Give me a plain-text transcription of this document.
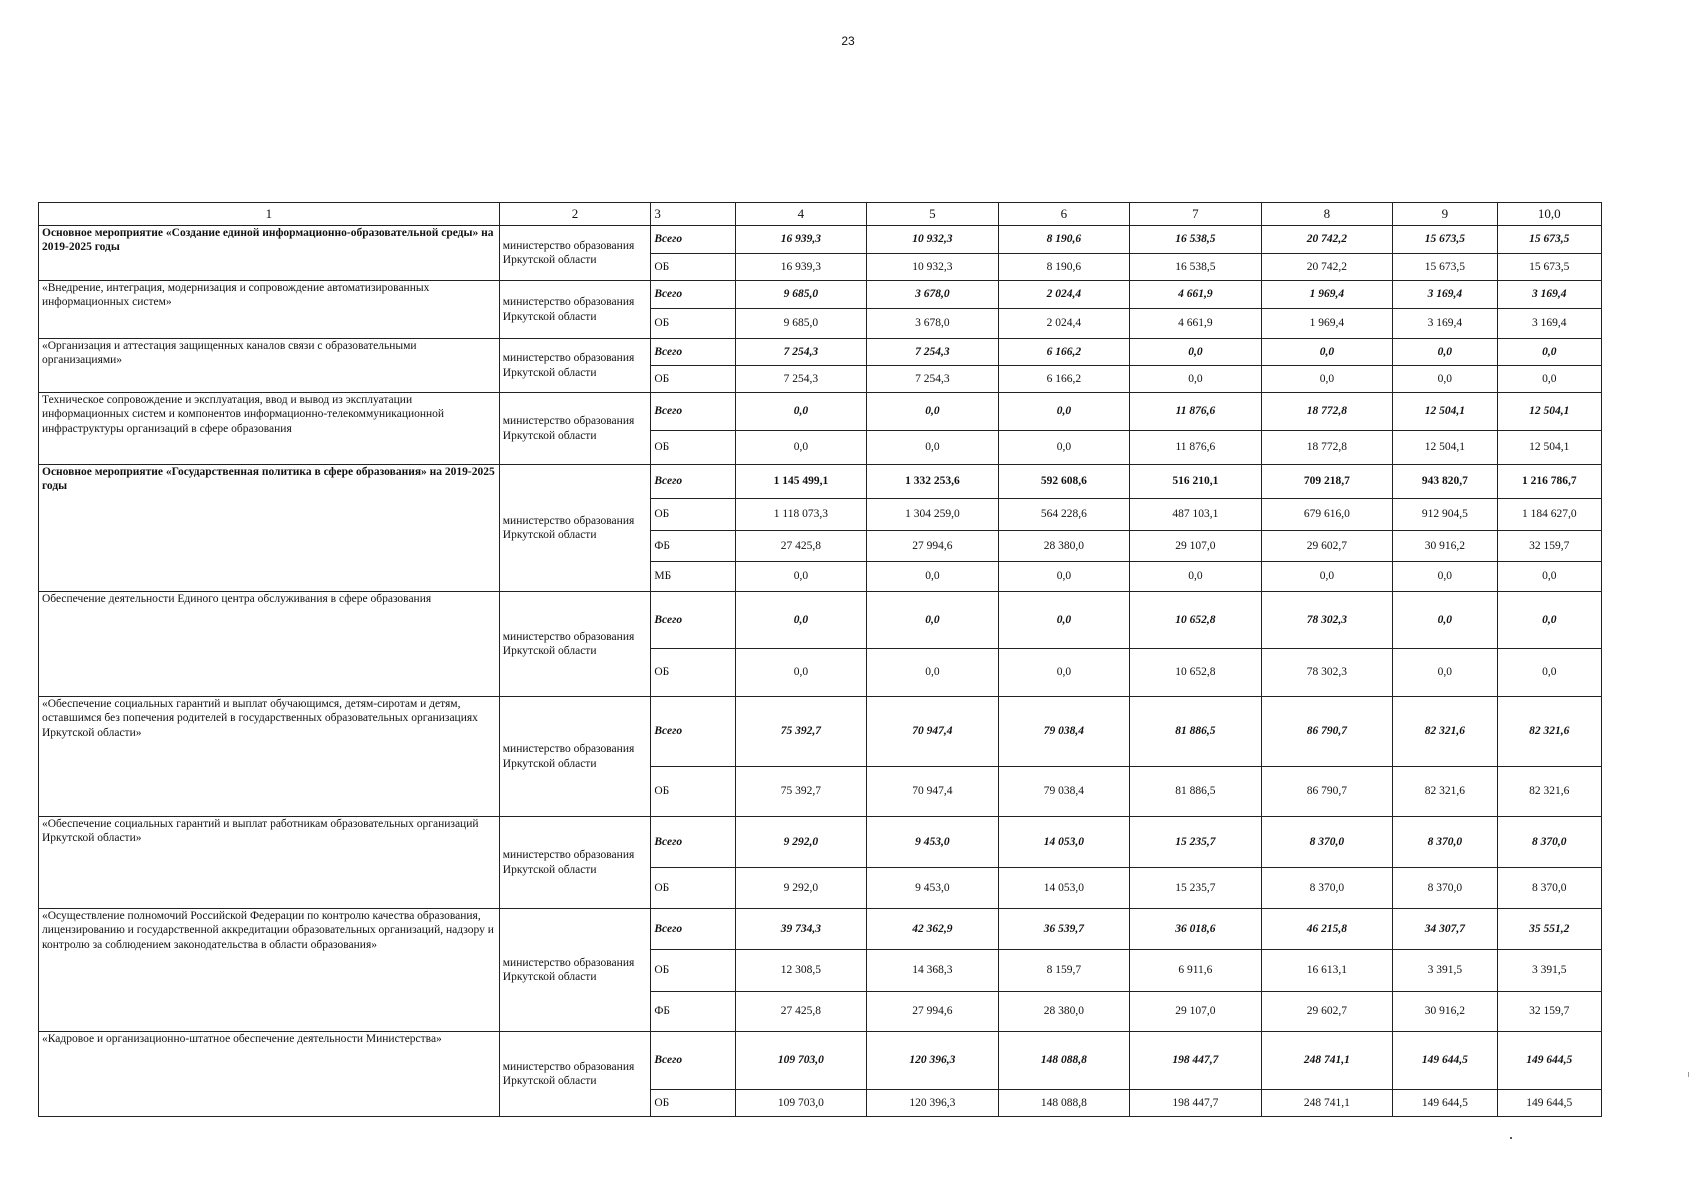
23
1	2	3	4	5	6	7	8	9	10,0
Основное мероприятие «Создание единой информационно-образовательной среды» на 2019-2025 годы	министерство образования Иркутской области	Всего	16 939,3	10 932,3	8 190,6	16 538,5	20 742,2	15 673,5	15 673,5
		ОБ	16 939,3	10 932,3	8 190,6	16 538,5	20 742,2	15 673,5	15 673,5
«Внедрение, интеграция, модернизация и сопровождение автоматизированных информационных систем»	министерство образования Иркутской области	Всего	9 685,0	3 678,0	2 024,4	4 661,9	1 969,4	3 169,4	3 169,4
		ОБ	9 685,0	3 678,0	2 024,4	4 661,9	1 969,4	3 169,4	3 169,4
«Организация и аттестация защищенных каналов связи с образовательными организациями»	министерство образования Иркутской области	Всего	7 254,3	7 254,3	6 166,2	0,0	0,0	0,0	0,0
		ОБ	7 254,3	7 254,3	6 166,2	0,0	0,0	0,0	0,0
Техническое сопровождение и эксплуатация, ввод и вывод из эксплуатации информационных систем и компонентов информационно-телекоммуникационной инфраструктуры организаций в сфере образования	министерство образования Иркутской области	Всего	0,0	0,0	0,0	11 876,6	18 772,8	12 504,1	12 504,1
		ОБ	0,0	0,0	0,0	11 876,6	18 772,8	12 504,1	12 504,1
Основное мероприятие «Государственная политика в сфере образования» на 2019-2025 годы	министерство образования Иркутской области	Всего	1 145 499,1	1 332 253,6	592 608,6	516 210,1	709 218,7	943 820,7	1 216 786,7
		ОБ	1 118 073,3	1 304 259,0	564 228,6	487 103,1	679 616,0	912 904,5	1 184 627,0
		ФБ	27 425,8	27 994,6	28 380,0	29 107,0	29 602,7	30 916,2	32 159,7
		МБ	0,0	0,0	0,0	0,0	0,0	0,0	0,0
Обеспечение деятельности Единого центра обслуживания в сфере образования	министерство образования Иркутской области	Всего	0,0	0,0	0,0	10 652,8	78 302,3	0,0	0,0
		ОБ	0,0	0,0	0,0	10 652,8	78 302,3	0,0	0,0
«Обеспечение социальных гарантий и выплат обучающимся, детям-сиротам и детям, оставшимся без попечения родителей в государственных образовательных организациях Иркутской области»	министерство образования Иркутской области	Всего	75 392,7	70 947,4	79 038,4	81 886,5	86 790,7	82 321,6	82 321,6
		ОБ	75 392,7	70 947,4	79 038,4	81 886,5	86 790,7	82 321,6	82 321,6
«Обеспечение социальных гарантий и выплат работникам образовательных организаций Иркутской области»	министерство образования Иркутской области	Всего	9 292,0	9 453,0	14 053,0	15 235,7	8 370,0	8 370,0	8 370,0
		ОБ	9 292,0	9 453,0	14 053,0	15 235,7	8 370,0	8 370,0	8 370,0
«Осуществление полномочий Российской Федерации по контролю качества образования, лицензированию и государственной аккредитации образовательных организаций, надзору и контролю за соблюдением законодательства в области образования»	министерство образования Иркутской области	Всего	39 734,3	42 362,9	36 539,7	36 018,6	46 215,8	34 307,7	35 551,2
		ОБ	12 308,5	14 368,3	8 159,7	6 911,6	16 613,1	3 391,5	3 391,5
		ФБ	27 425,8	27 994,6	28 380,0	29 107,0	29 602,7	30 916,2	32 159,7
«Кадровое и организационно-штатное обеспечение деятельности Министерства»	министерство образования Иркутской области	Всего	109 703,0	120 396,3	148 088,8	198 447,7	248 741,1	149 644,5	149 644,5
		ОБ	109 703,0	120 396,3	148 088,8	198 447,7	248 741,1	149 644,5	149 644,5
